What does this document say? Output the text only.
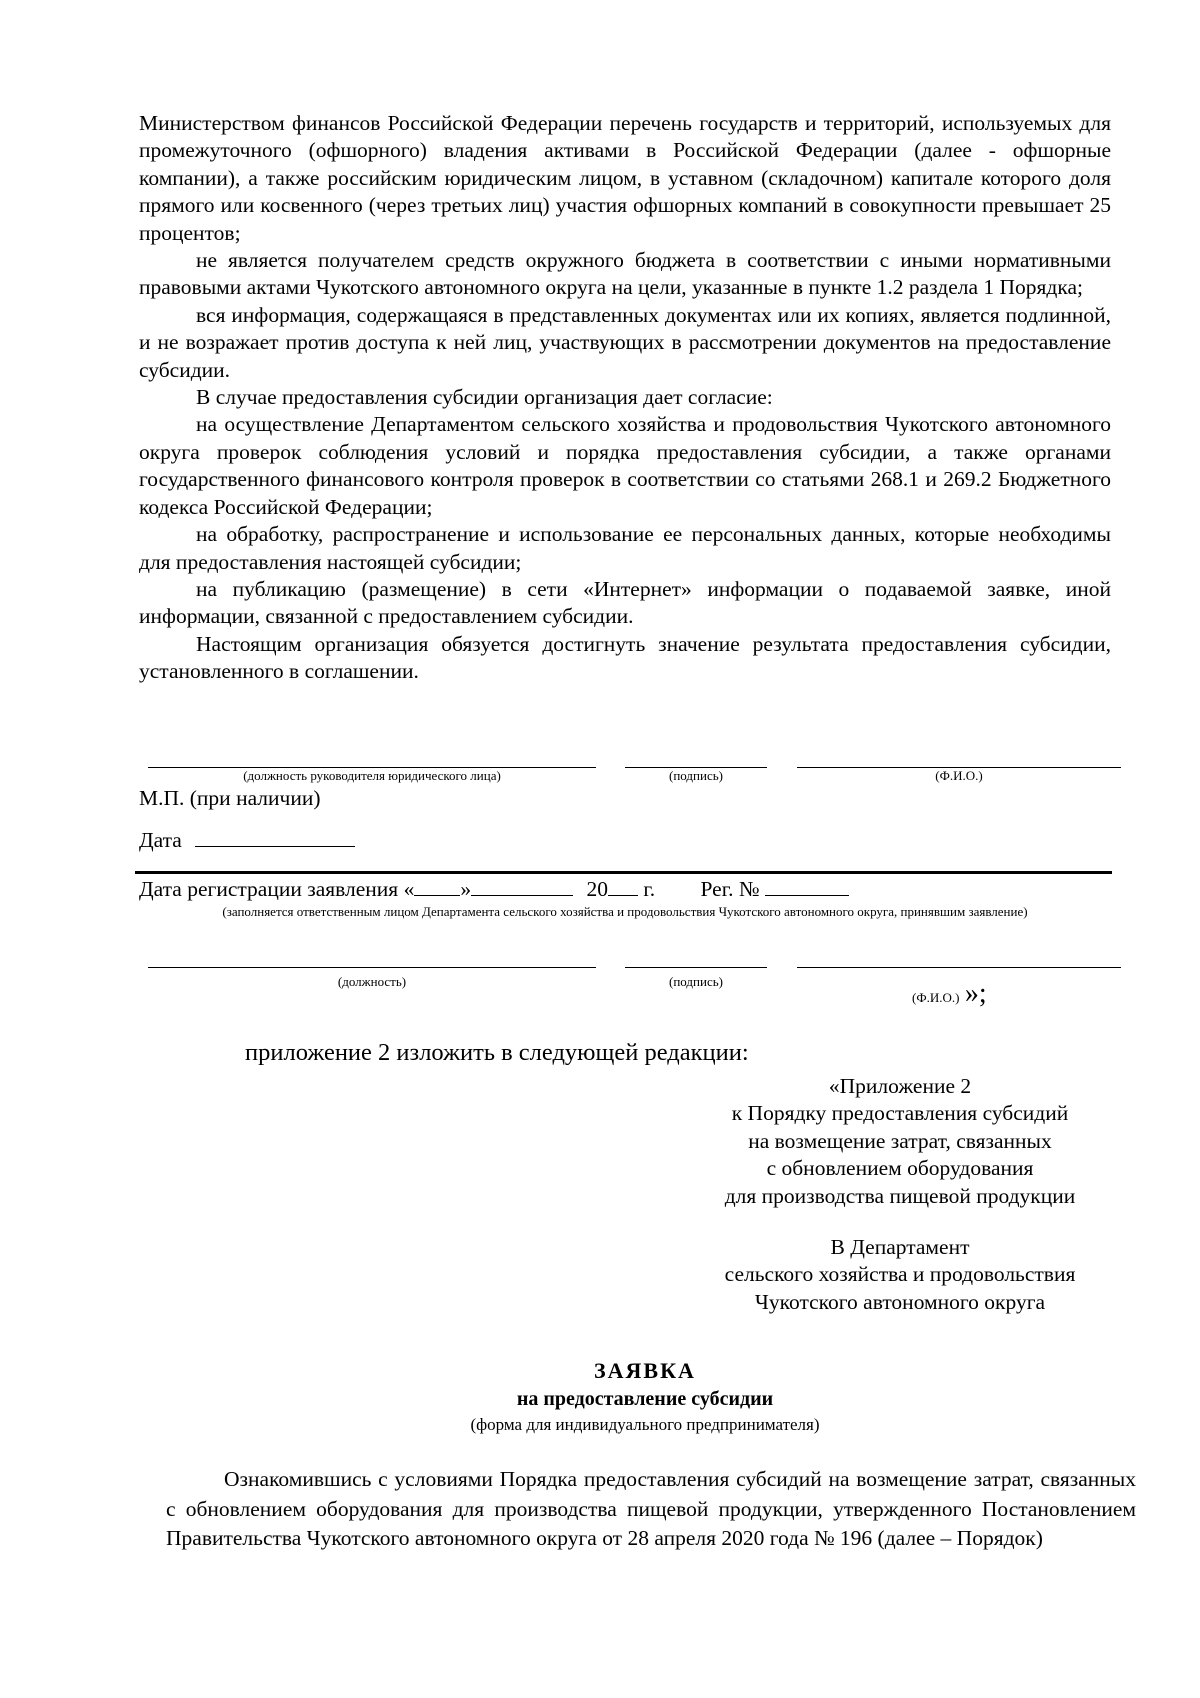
Министерством финансов Российской Федерации перечень государств и территорий, используемых для промежуточного (офшорного) владения активами в Российской Федерации (далее - офшорные компании), а также российским юридическим лицом, в уставном (складочном) капитале которого доля прямого или косвенного (через третьих лиц) участия офшорных компаний в совокупности превышает 25 процентов;

не является получателем средств окружного бюджета в соответствии с иными нормативными правовыми актами Чукотского автономного округа на цели, указанные в пункте 1.2 раздела 1 Порядка;

вся информация, содержащаяся в представленных документах или их копиях, является подлинной, и не возражает против доступа к ней лиц, участвующих в рассмотрении документов на предоставление субсидии.

В случае предоставления субсидии организация дает согласие:

на осуществление Департаментом сельского хозяйства и продовольствия Чукотского автономного округа проверок соблюдения условий и порядка предоставления субсидии, а также органами государственного финансового контроля проверок в соответствии со статьями 268.1 и 269.2 Бюджетного кодекса Российской Федерации;

на обработку, распространение и использование ее персональных данных, которые необходимы для предоставления настоящей субсидии;

на публикацию (размещение) в сети «Интернет» информации о подаваемой заявке, иной информации, связанной с предоставлением субсидии.

Настоящим организация обязуется достигнуть значение результата предоставления субсидии, установленного в соглашении.

(должность руководителя юридического лица)	(подпись)	(Ф.И.О.)
М.П. (при наличии)
Дата
Дата регистрации заявления « »	20 г. Рег. №
(заполняется ответственным лицом Департамента сельского хозяйства и продовольствия Чукотского автономного округа, принявшим заявление)
(должность)	(подпись)
(Ф.И.О.) »;
приложение 2 изложить в следующей редакции:
«Приложение 2
к Порядку предоставления субсидий
на возмещение затрат, связанных
с обновлением оборудования
для производства пищевой продукции
В Департамент
сельского хозяйства и продовольствия
Чукотского автономного округа
ЗАЯВКА
на предоставление субсидии
(форма для индивидуального предпринимателя)

Ознакомившись с условиями Порядка предоставления субсидий на возмещение затрат, связанных с обновлением оборудования для производства пищевой продукции, утвержденного Постановлением Правительства Чукотского автономного округа от 28 апреля 2020 года № 196 (далее – Порядок)
